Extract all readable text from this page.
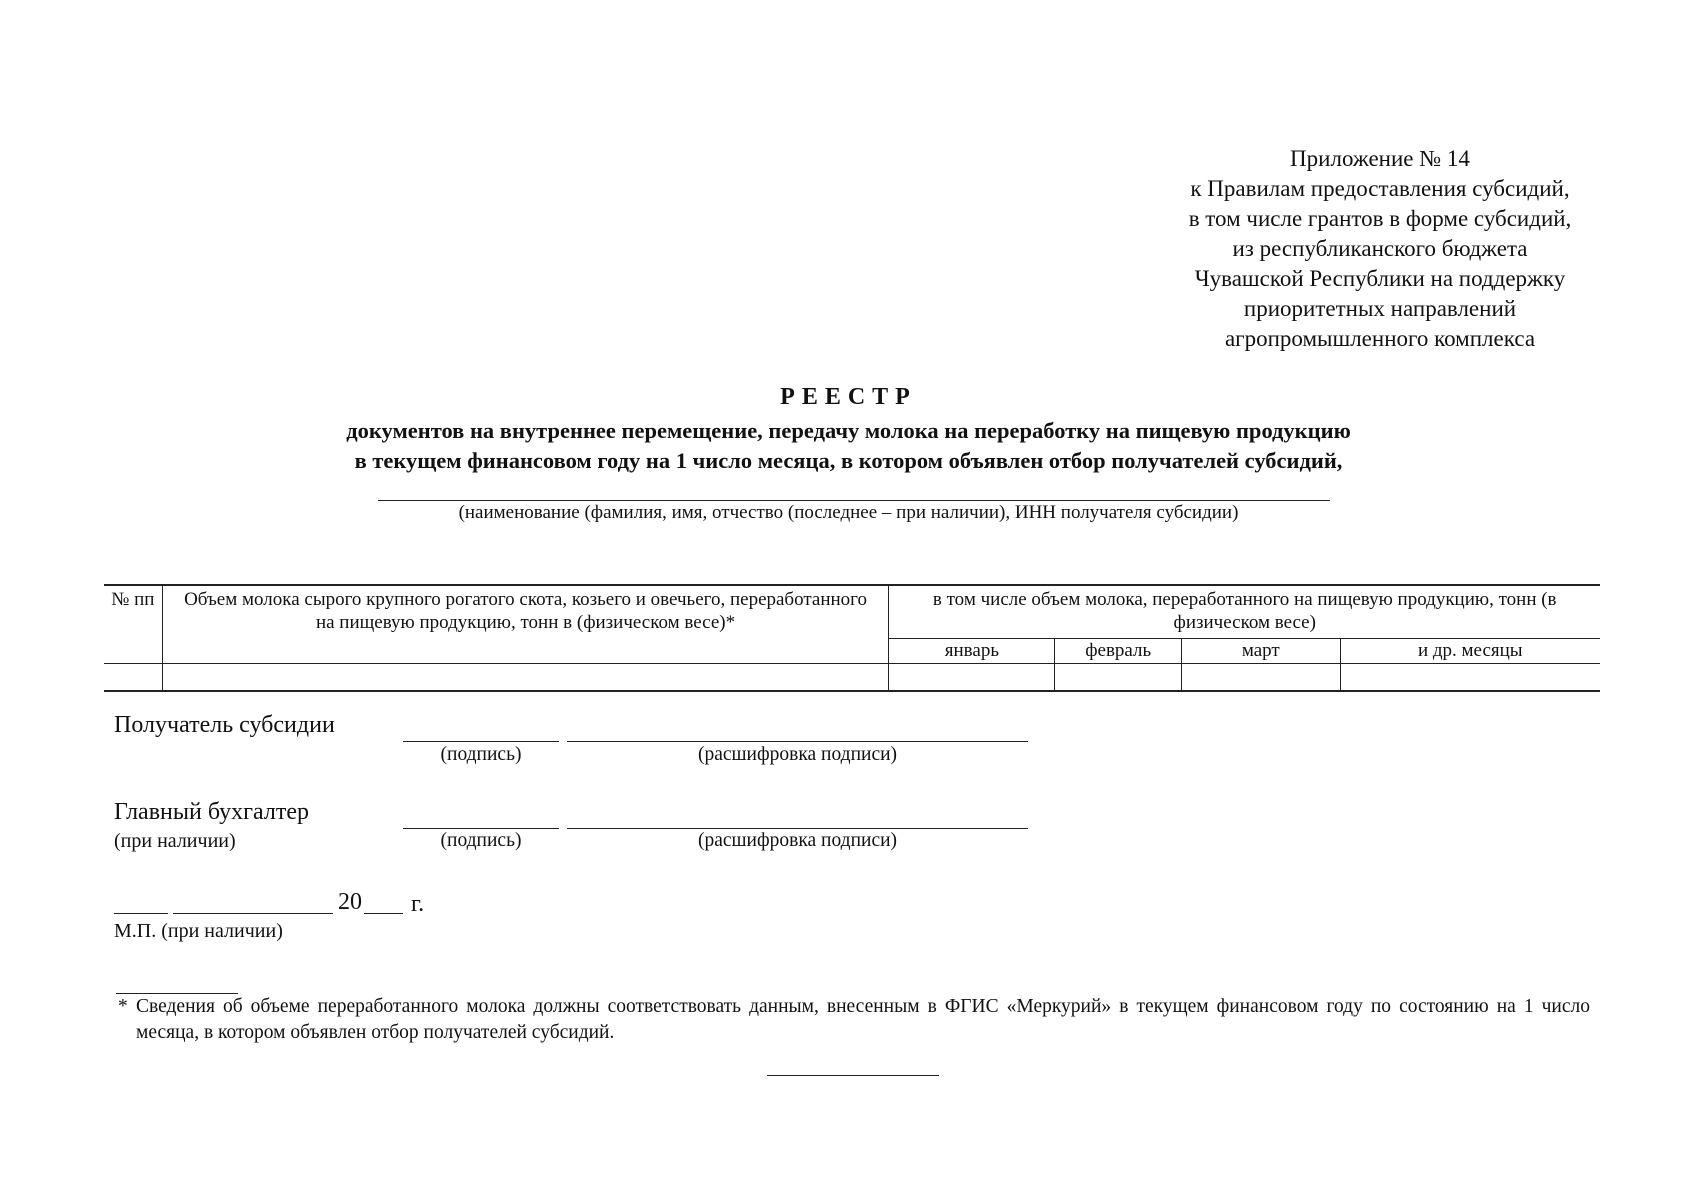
Приложение № 14
к Правилам предоставления субсидий,
в том числе грантов в форме субсидий,
из республиканского бюджета
Чувашской Республики на поддержку
приоритетных направлений
агропромышленного комплекса
РЕЕСТР
документов на внутреннее перемещение, передачу молока на переработку на пищевую продукцию
в текущем финансовом году на 1 число месяца, в котором объявлен отбор получателей субсидий,
(наименование (фамилия, имя, отчество (последнее – при наличии), ИНН получателя субсидии)
№ пп	Объем молока сырого крупного рогатого скота, козьего и овечьего, переработанного на пищевую продукцию, тонн в (физическом весе)*	в том числе объем молока, переработанного на пищевую продукцию, тонн (в физическом весе)			
		январь	февраль	март	и др. месяцы

Получатель субсидии
(подпись)	(расшифровка подписи)
Главный бухгалтер
(при наличии)	(подпись)	(расшифровка подписи)
20 г.
М.П. (при наличии)
* Сведения об объеме переработанного молока должны соответствовать данным, внесенным в ФГИС «Меркурий» в текущем финансовом году по состоянию на 1 число месяца, в котором объявлен отбор получателей субсидий.
